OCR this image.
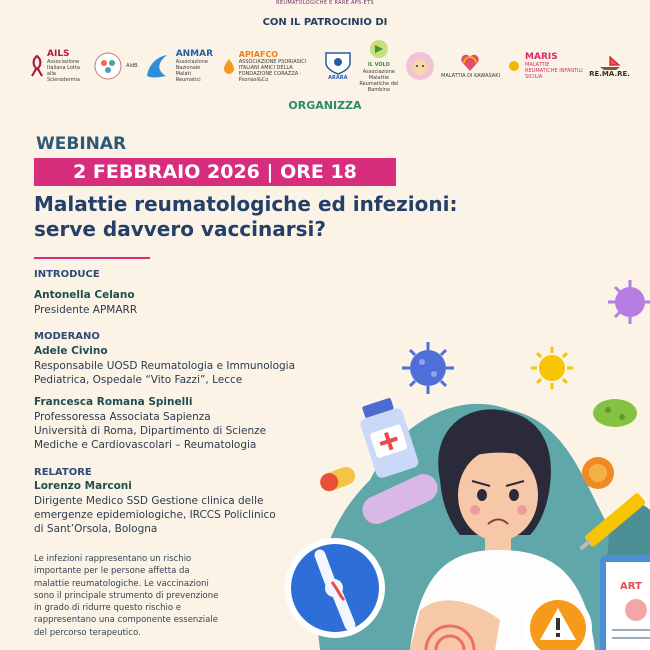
REUMATOLOGICHE E RARE APS-ETS
CON IL PATROCINIO DI
AILS
Associazione Italiana Lotta alla Sclerodermia
AIdB
ANMAR
Associazione Nazionale Malati Reumatici
APIAFCO
ASSOCIAZIONE PSORIASICI ITALIANI AMICI DELLA FONDAZIONE CORAZZA · Psoriasi&Co	ARARA
IL VOLO
Associazione Malattie Reumatiche del Bambino
MALATTIA DI KAWASAKI
MARIS
MALATTIE REUMATICHE INFANTILI SICILIA	RE.MA.RE.
ORGANIZZA
WEBINAR
2 FEBBRAIO 2026 | ORE 18
Malattie reumatologiche ed infezioni:
serve davvero vaccinarsi?
INTRODUCE
Antonella Celano
Presidente APMARR
MODERANO
Adele Civino
Responsabile UOSD Reumatologia e Immunologia
Pediatrica, Ospedale “Vito Fazzi”, Lecce
Francesca Romana Spinelli
Professoressa Associata Sapienza
Università di Roma, Dipartimento di Scienze
Mediche e Cardiovascolari – Reumatologia
RELATORE
Lorenzo Marconi
Dirigente Medico SSD Gestione clinica delle
emergenze epidemiologiche, IRCCS Policlinico
di Sant’Orsola, Bologna
Le infezioni rappresentano un rischio
importante per le persone affetta da
malattie reumatologiche. Le vaccinazioni
sono il principale strumento di prevenzione
in grado di ridurre questo rischio e
rappresentano una componente essenziale
del percorso terapeutico.
ART
